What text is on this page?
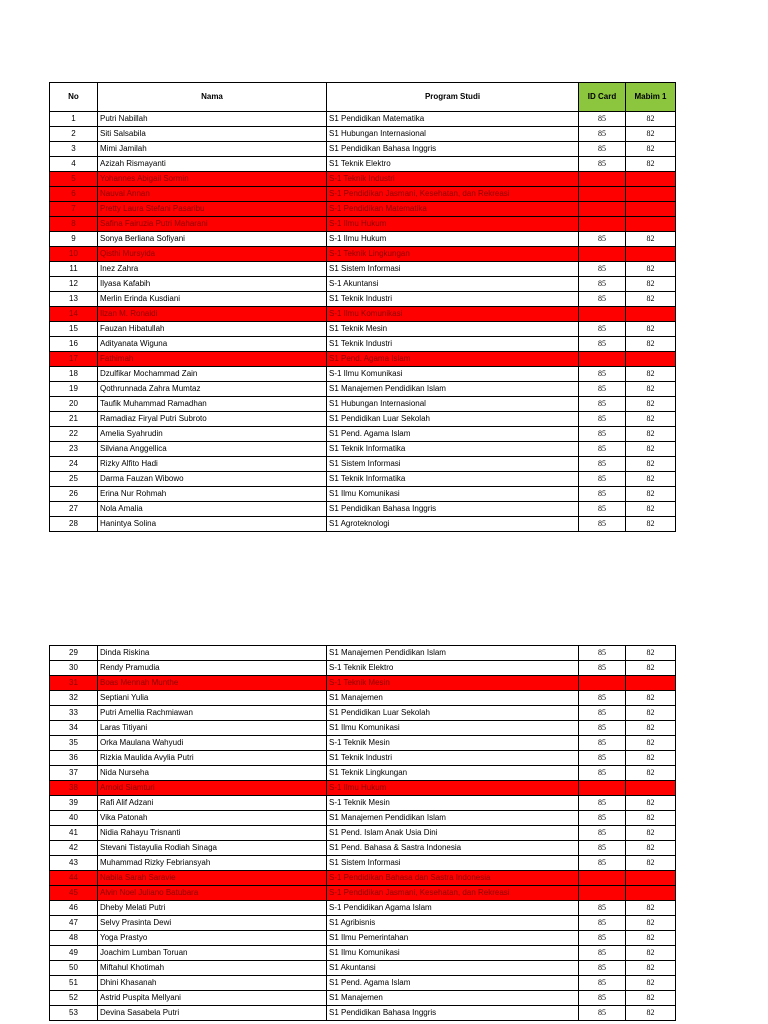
No	Nama	Program Studi	ID Card	Mabim 1
1	Putri Nabillah	S1 Pendidikan Matematika	85	82
2	Siti Salsabila	S1 Hubungan Internasional	85	82
3	Mimi Jamilah	S1 Pendidikan Bahasa Inggris	85	82
4	Azizah Rismayanti	S1 Teknik Elektro	85	82
5	Yohannes Abigail Sormin	S-1 Teknik Industri		
6	Nauval Annan	S-1 Pendidikan Jasmani, Kesehatan, dan Rekreasi		
7	Pretty Laura Stefani Pasaribu	S-1 Pendidikan Matematika		
8	Safina Fairuzia Putri Maharani	S-1 Ilmu Hukum		
9	Sonya Berliana Sofiyani	S-1 Ilmu Hukum	85	82
10	Qisthi Mursyida	S-1 Teknik Lingkungan		
11	Inez Zahra	S1 Sistem Informasi	85	82
12	Ilyasa Kafabih	S-1 Akuntansi	85	82
13	Merlin Erinda Kusdiani	S1 Teknik Industri	85	82
14	Ilzan M. Ronaldi	S-1 Ilmu Komunikasi		
15	Fauzan Hibatullah	S1 Teknik Mesin	85	82
16	Adityanata Wiguna	S1 Teknik Industri	85	82
17	Fathimah	S1 Pend. Agama Islam		
18	Dzulfikar Mochammad Zain	S-1 Ilmu Komunikasi	85	82
19	Qothrunnada Zahra Mumtaz	S1 Manajemen Pendidikan Islam	85	82
20	Taufik Muhammad Ramadhan	S1 Hubungan Internasional	85	82
21	Ramadiaz Firyal Putri Subroto	S1 Pendidikan Luar Sekolah	85	82
22	Amelia Syahrudin	S1 Pend. Agama Islam	85	82
23	Silviana Anggellica	S1 Teknik Informatika	85	82
24	Rizky Alfito Hadi	S1 Sistem Informasi	85	82
25	Darma Fauzan Wibowo	S1 Teknik Informatika	85	82
26	Erina Nur Rohmah	S1 Ilmu Komunikasi	85	82
27	Nola Amalia	S1 Pendidikan Bahasa Inggris	85	82
28	Hanintya Solina	S1 Agroteknologi	85	82
29	Dinda Riskina	S1 Manajemen Pendidikan Islam	85	82
30	Rendy Pramudia	S-1 Teknik Elektro	85	82
31	Boas Mennah Munthe	S-1 Teknik Mesin		
32	Septiani Yulia	S1 Manajemen	85	82
33	Putri Amellia Rachmiawan	S1 Pendidikan Luar Sekolah	85	82
34	Laras Titiyani	S1 Ilmu Komunikasi	85	82
35	Orka Maulana Wahyudi	S-1 Teknik Mesin	85	82
36	Rizkia Maulida Avylia Putri	S1 Teknik Industri	85	82
37	Nida Nurseha	S1 Teknik Lingkungan	85	82
38	Arnold Siamturi	S-1 Ilmu Hukum		
39	Rafi Alif Adzani	S-1 Teknik Mesin	85	82
40	Vika Patonah	S1 Manajemen Pendidikan Islam	85	82
41	Nidia Rahayu Trisnanti	S1 Pend. Islam Anak Usia Dini	85	82
42	Stevani Tistayulia Rodiah Sinaga	S1 Pend. Bahasa & Sastra Indonesia	85	82
43	Muhammad Rizky Febriansyah	S1 Sistem Informasi	85	82
44	Nabila Sarah Saravie	S-1 Pendidikan Bahasa dan Sastra Indonesia		
45	Alvin Noel Juliano Batubara	S-1 Pendidikan Jasmani, Kesehatan, dan Rekreasi		
46	Dheby Melati Putri	S-1 Pendidikan Agama Islam	85	82
47	Selvy Prasinta Dewi	S1 Agribisnis	85	82
48	Yoga Prastyo	S1 Ilmu Pemerintahan	85	82
49	Joachim Lumban Toruan	S1 Ilmu Komunikasi	85	82
50	Miftahul Khotimah	S1 Akuntansi	85	82
51	Dhini Khasanah	S1 Pend. Agama Islam	85	82
52	Astrid Puspita Mellyani	S1 Manajemen	85	82
53	Devina Sasabela Putri	S1 Pendidikan Bahasa Inggris	85	82
